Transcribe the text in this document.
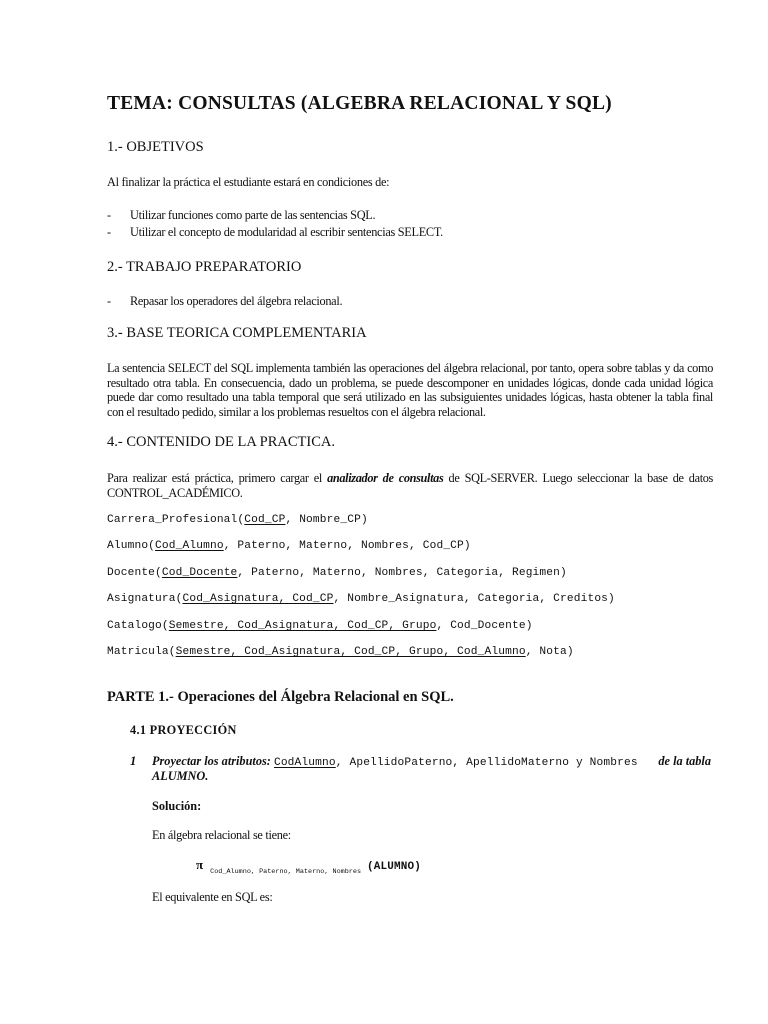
TEMA: CONSULTAS (ALGEBRA RELACIONAL Y SQL)
1.- OBJETIVOS
Al finalizar la práctica el estudiante estará en condiciones de:
- Utilizar funciones como parte de las sentencias SQL.
- Utilizar el concepto de modularidad al escribir sentencias SELECT.
2.- TRABAJO PREPARATORIO
- Repasar los operadores del álgebra relacional.
3.- BASE TEORICA COMPLEMENTARIA
La sentencia SELECT del SQL implementa también las operaciones del álgebra relacional, por tanto, opera sobre tablas y da como resultado otra tabla. En consecuencia, dado un problema, se puede descomponer en unidades lógicas, donde cada unidad lógica puede dar como resultado una tabla temporal que será utilizado en las subsiguientes unidades lógicas, hasta obtener la tabla final con el resultado pedido, similar a los problemas resueltos con el álgebra relacional.
4.- CONTENIDO DE LA PRACTICA.
Para realizar está práctica, primero cargar el analizador de consultas de SQL-SERVER. Luego seleccionar la base de datos CONTROL_ACADÉMICO.
Carrera_Profesional(Cod_CP, Nombre_CP)
Alumno(Cod_Alumno, Paterno, Materno, Nombres, Cod_CP)
Docente(Cod_Docente, Paterno, Materno, Nombres, Categoria, Regimen)
Asignatura(Cod_Asignatura, Cod_CP, Nombre_Asignatura, Categoria, Creditos)
Catalogo(Semestre, Cod_Asignatura, Cod_CP, Grupo, Cod_Docente)
Matricula(Semestre, Cod_Asignatura, Cod_CP, Grupo, Cod_Alumno, Nota)
PARTE 1.- Operaciones del Álgebra Relacional en SQL.
4.1 PROYECCIÓN
1 Proyectar los atributos: CodAlumno, ApellidoPaterno, ApellidoMaterno y Nombres de la tabla
ALUMNO.
Solución:
En álgebra relacional se tiene:
π $_{Cod\_Alumno, Paterno, Materno, Nombres}$ (ALUMNO)
El equivalente en SQL es:
